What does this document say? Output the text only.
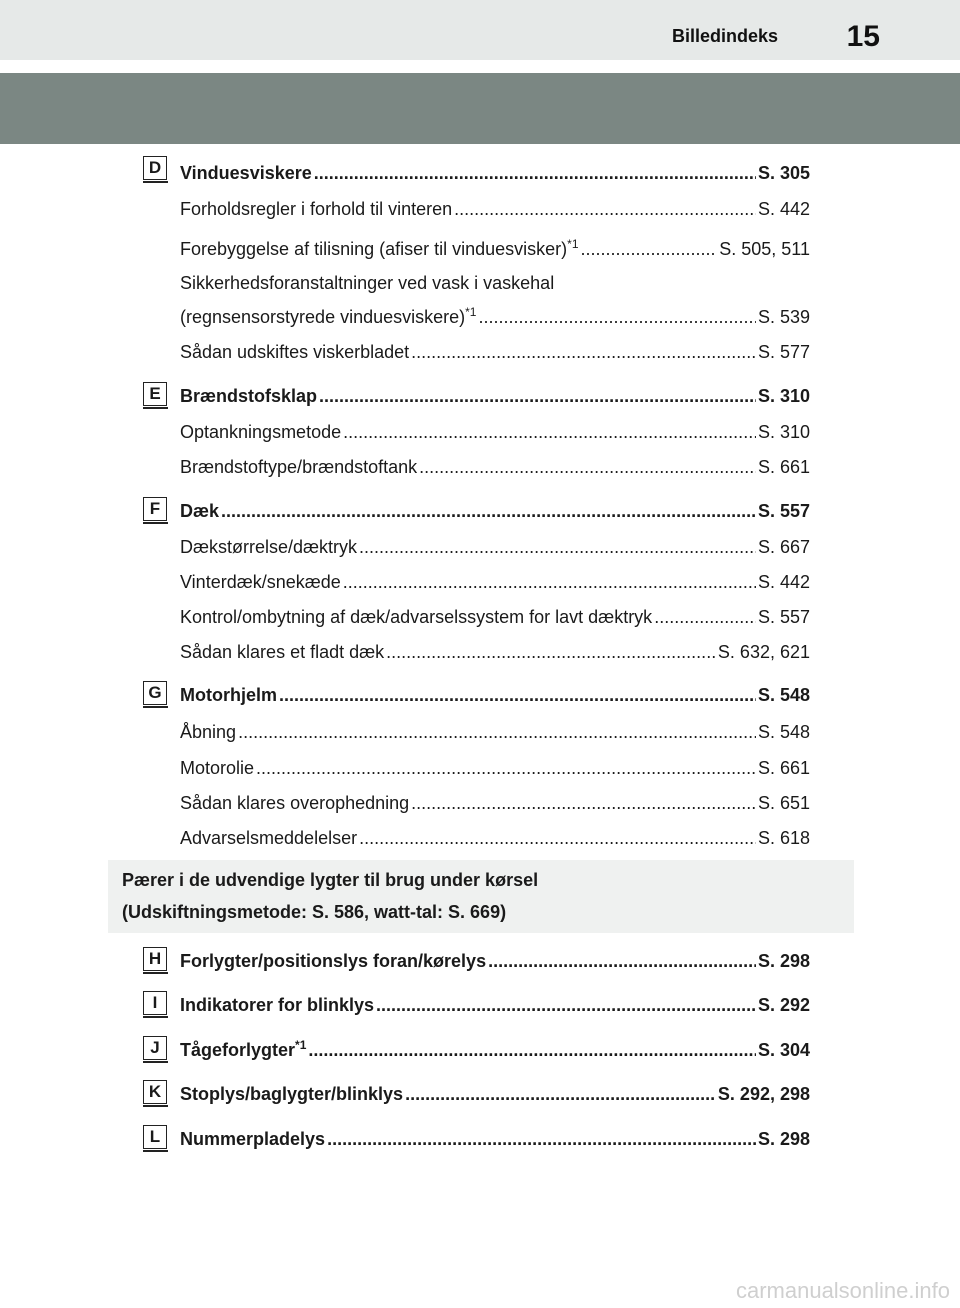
Billedindeks 15
D	Vinduesviskere .....	S. 305
Forholdsregler i forhold til vinteren .....	S. 442
Forebyggelse af tilisning (afiser til vinduesvisker)$^{*1}$ .....	S. 505, 511
Sikkerhedsforanstaltninger ved vask i vaskehal
(regnsensorstyrede vinduesviskere)$^{*1}$ .....	S. 539
Sådan udskiftes viskerbladet .....	S. 577
E	Brændstofsklap .....	S. 310
Optankningsmetode .....	S. 310
Brændstoftype/brændstoftank .....	S. 661
F	Dæk .....	S. 557
Dækstørrelse/dæktryk .....	S. 667
Vinterdæk/snekæde .....	S. 442
Kontrol/ombytning af dæk/advarselssystem for lavt dæktryk .....	S. 557
Sådan klares et fladt dæk .....	S. 632, 621
G Motorhjelm .....	S. 548
Åbning .....	S. 548
Motorolie .....	S. 661
Sådan klares overophedning .....	S. 651
Advarselsmeddelelser .....	S. 618
Pærer i de udvendige lygter til brug under kørsel
(Udskiftningsmetode: S. 586, watt-tal: S. 669)
H	Forlygter/positionslys foran/kørelys .....	S. 298
I	Indikatorer for blinklys .....	S. 292
J	Tågeforlygter$^{*1}$ .....	S. 304
K	Stoplys/baglygter/blinklys .....	S. 292, 298
L	Nummerpladelys .....	S. 298
carmanualsonline.info
